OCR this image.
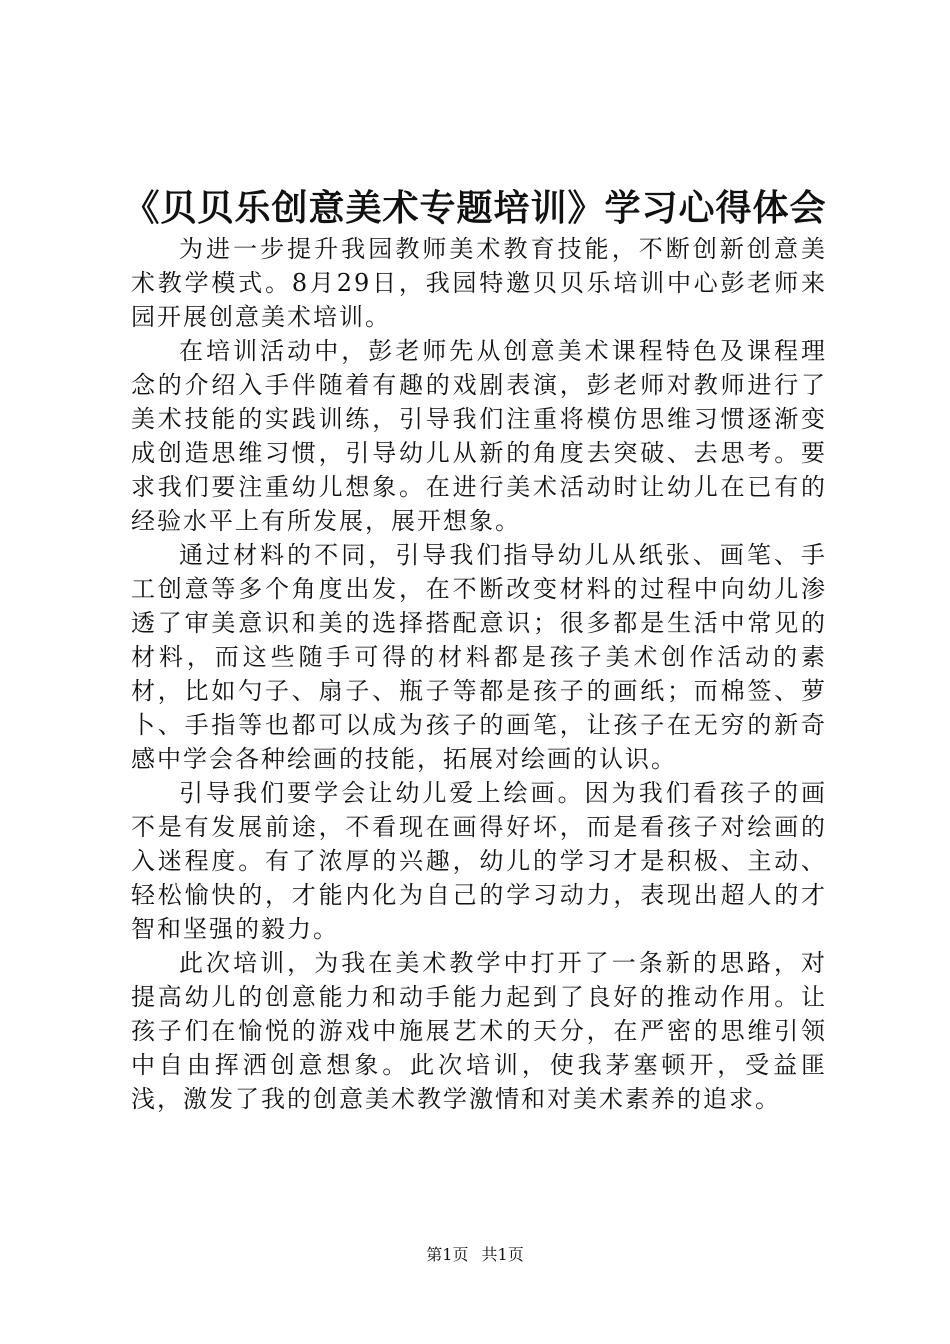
《贝贝乐创意美术专题培训》学习心得体会

为进一步提升我园教师美术教育技能，不断创新创意美术教学模式。8月29日，我园特邀贝贝乐培训中心彭老师来园开展创意美术培训。

在培训活动中，彭老师先从创意美术课程特色及课程理念的介绍入手伴随着有趣的戏剧表演，彭老师对教师进行了美术技能的实践训练，引导我们注重将模仿思维习惯逐渐变成创造思维习惯，引导幼儿从新的角度去突破、去思考。要求我们要注重幼儿想象。在进行美术活动时让幼儿在已有的经验水平上有所发展，展开想象。

通过材料的不同，引导我们指导幼儿从纸张、画笔、手工创意等多个角度出发，在不断改变材料的过程中向幼儿渗透了审美意识和美的选择搭配意识；很多都是生活中常见的材料，而这些随手可得的材料都是孩子美术创作活动的素材，比如勺子、扇子、瓶子等都是孩子的画纸；而棉签、萝卜、手指等也都可以成为孩子的画笔，让孩子在无穷的新奇感中学会各种绘画的技能，拓展对绘画的认识。

引导我们要学会让幼儿爱上绘画。因为我们看孩子的画不是有发展前途，不看现在画得好坏，而是看孩子对绘画的入迷程度。有了浓厚的兴趣，幼儿的学习才是积极、主动、轻松愉快的，才能内化为自己的学习动力，表现出超人的才智和坚强的毅力。

此次培训，为我在美术教学中打开了一条新的思路，对提高幼儿的创意能力和动手能力起到了良好的推动作用。让孩子们在愉悦的游戏中施展艺术的天分，在严密的思维引领中自由挥洒创意想象。此次培训，使我茅塞顿开，受益匪浅，激发了我的创意美术教学激情和对美术素养的追求。

第1页 共1页
